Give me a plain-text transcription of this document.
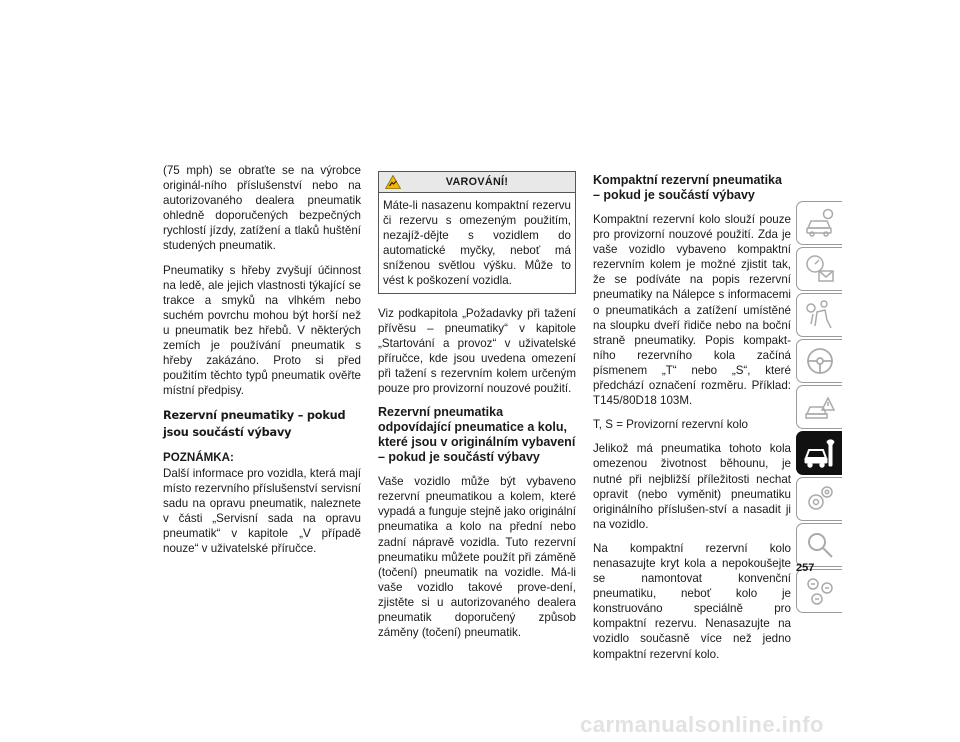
(75 mph) se obraťte se na výrobce originál-ního příslušenství nebo na autorizovaného dealera pneumatik ohledně doporučených bezpečných rychlostí jízdy, zatížení a tlaků huštění studených pneumatik.

Pneumatiky s hřeby zvyšují účinnost na ledě, ale jejich vlastnosti týkající se trakce a smyků na vlhkém nebo suchém povrchu mohou být horší než u pneumatik bez hřebů. V některých zemích je používání pneumatik s hřeby zakázáno. Proto si před použitím těchto typů pneumatik ověřte místní předpisy.

Rezervní pneumatiky – pokud jsou součástí výbavy

POZNÁMKA:
Další informace pro vozidla, která mají místo rezervního příslušenství servisní sadu na opravu pneumatik, naleznete v části „Servisní sada na opravu pneumatik“ v kapitole „V případě nouze“ v uživatelské příručce.

VAROVÁNÍ!
Máte-li nasazenu kompaktní rezervu či rezervu s omezeným použitím, nezajíž-dějte s vozidlem do automatické myčky, neboť má sníženou světlou výšku. Může to vést k poškození vozidla.

Viz podkapitola „Požadavky při tažení přívěsu – pneumatiky“ v kapitole „Startování a provoz“ v uživatelské příručce, kde jsou uvedena omezení při tažení s rezervním kolem určeným pouze pro provizorní nouzové použití.

Rezervní pneumatika odpovídající pneumatice a kolu, které jsou v originálním vybavení – pokud je součástí výbavy

Vaše vozidlo může být vybaveno rezervní pneumatikou a kolem, které vypadá a funguje stejně jako originální pneumatika a kolo na přední nebo zadní nápravě vozidla. Tuto rezervní pneumatiku můžete použít při záměně (točení) pneumatik na vozidle. Má-li vaše vozidlo takové prove-dení, zjistěte si u autorizovaného dealera pneumatik doporučený způsob záměny (točení) pneumatik.

Kompaktní rezervní pneumatika – pokud je součástí výbavy

Kompaktní rezervní kolo slouží pouze pro provizorní nouzové použití. Zda je vaše vozidlo vybaveno kompaktní rezervním kolem je možné zjistit tak, že se podíváte na popis rezervní pneumatiky na Nálepce s informacemi o pneumatikách a zatížení umístěné na sloupku dveří řidiče nebo na boční straně pneumatiky. Popis kompakt-ního rezervního kola začíná písmenem „T“ nebo „S“, které předchází označení rozměru. Příklad: T145/80D18 103M.

T, S = Provizorní rezervní kolo

Jelikož má pneumatika tohoto kola omezenou životnost běhounu, je nutné při nejbližší příležitosti nechat opravit (nebo vyměnit) pneumatiku originálního příslušen-ství a nasadit ji na vozidlo.

Na kompaktní rezervní kolo nenasazujte kryt kola a nepokoušejte se namontovat konvenční pneumatiku, neboť kolo je konstruováno speciálně pro kompaktní rezervu. Nenasazujte na vozidlo současně více než jedno kompaktní rezervní kolo.

257
carmanualsonline.info
